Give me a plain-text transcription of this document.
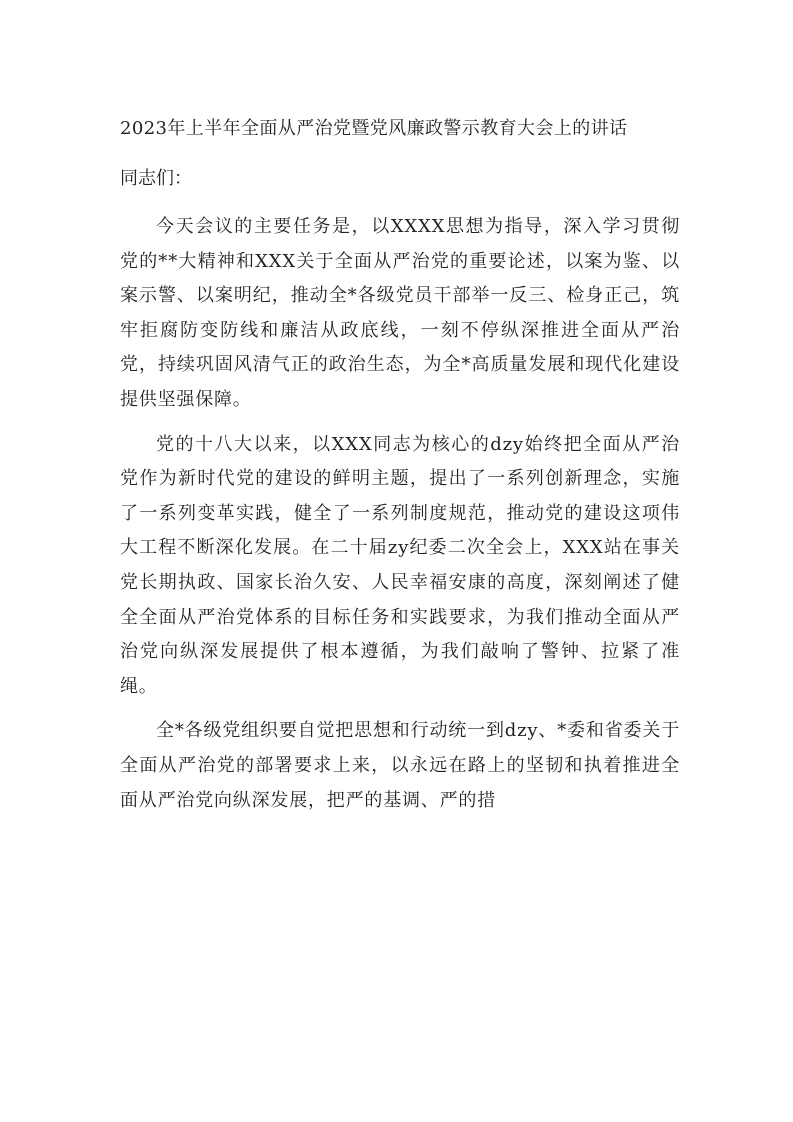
2023年上半年全面从严治党暨党风廉政警示教育大会上的讲话

同志们：

今天会议的主要任务是，以XXXX思想为指导，深入学习贯彻党的**大精神和XXX关于全面从严治党的重要论述，以案为鉴、以案示警、以案明纪，推动全*各级党员干部举一反三、检身正己，筑牢拒腐防变防线和廉洁从政底线，一刻不停纵深推进全面从严治党，持续巩固风清气正的政治生态，为全*高质量发展和现代化建设提供坚强保障。

党的十八大以来，以XXX同志为核心的dzy始终把全面从严治党作为新时代党的建设的鲜明主题，提出了一系列创新理念，实施了一系列变革实践，健全了一系列制度规范，推动党的建设这项伟大工程不断深化发展。在二十届zy纪委二次全会上，XXX站在事关党长期执政、国家长治久安、人民幸福安康的高度，深刻阐述了健全全面从严治党体系的目标任务和实践要求，为我们推动全面从严治党向纵深发展提供了根本遵循，为我们敲响了警钟、拉紧了准绳。

全*各级党组织要自觉把思想和行动统一到dzy、*委和省委关于全面从严治党的部署要求上来，以永远在路上的坚韧和执着推进全面从严治党向纵深发展，把严的基调、严的措
